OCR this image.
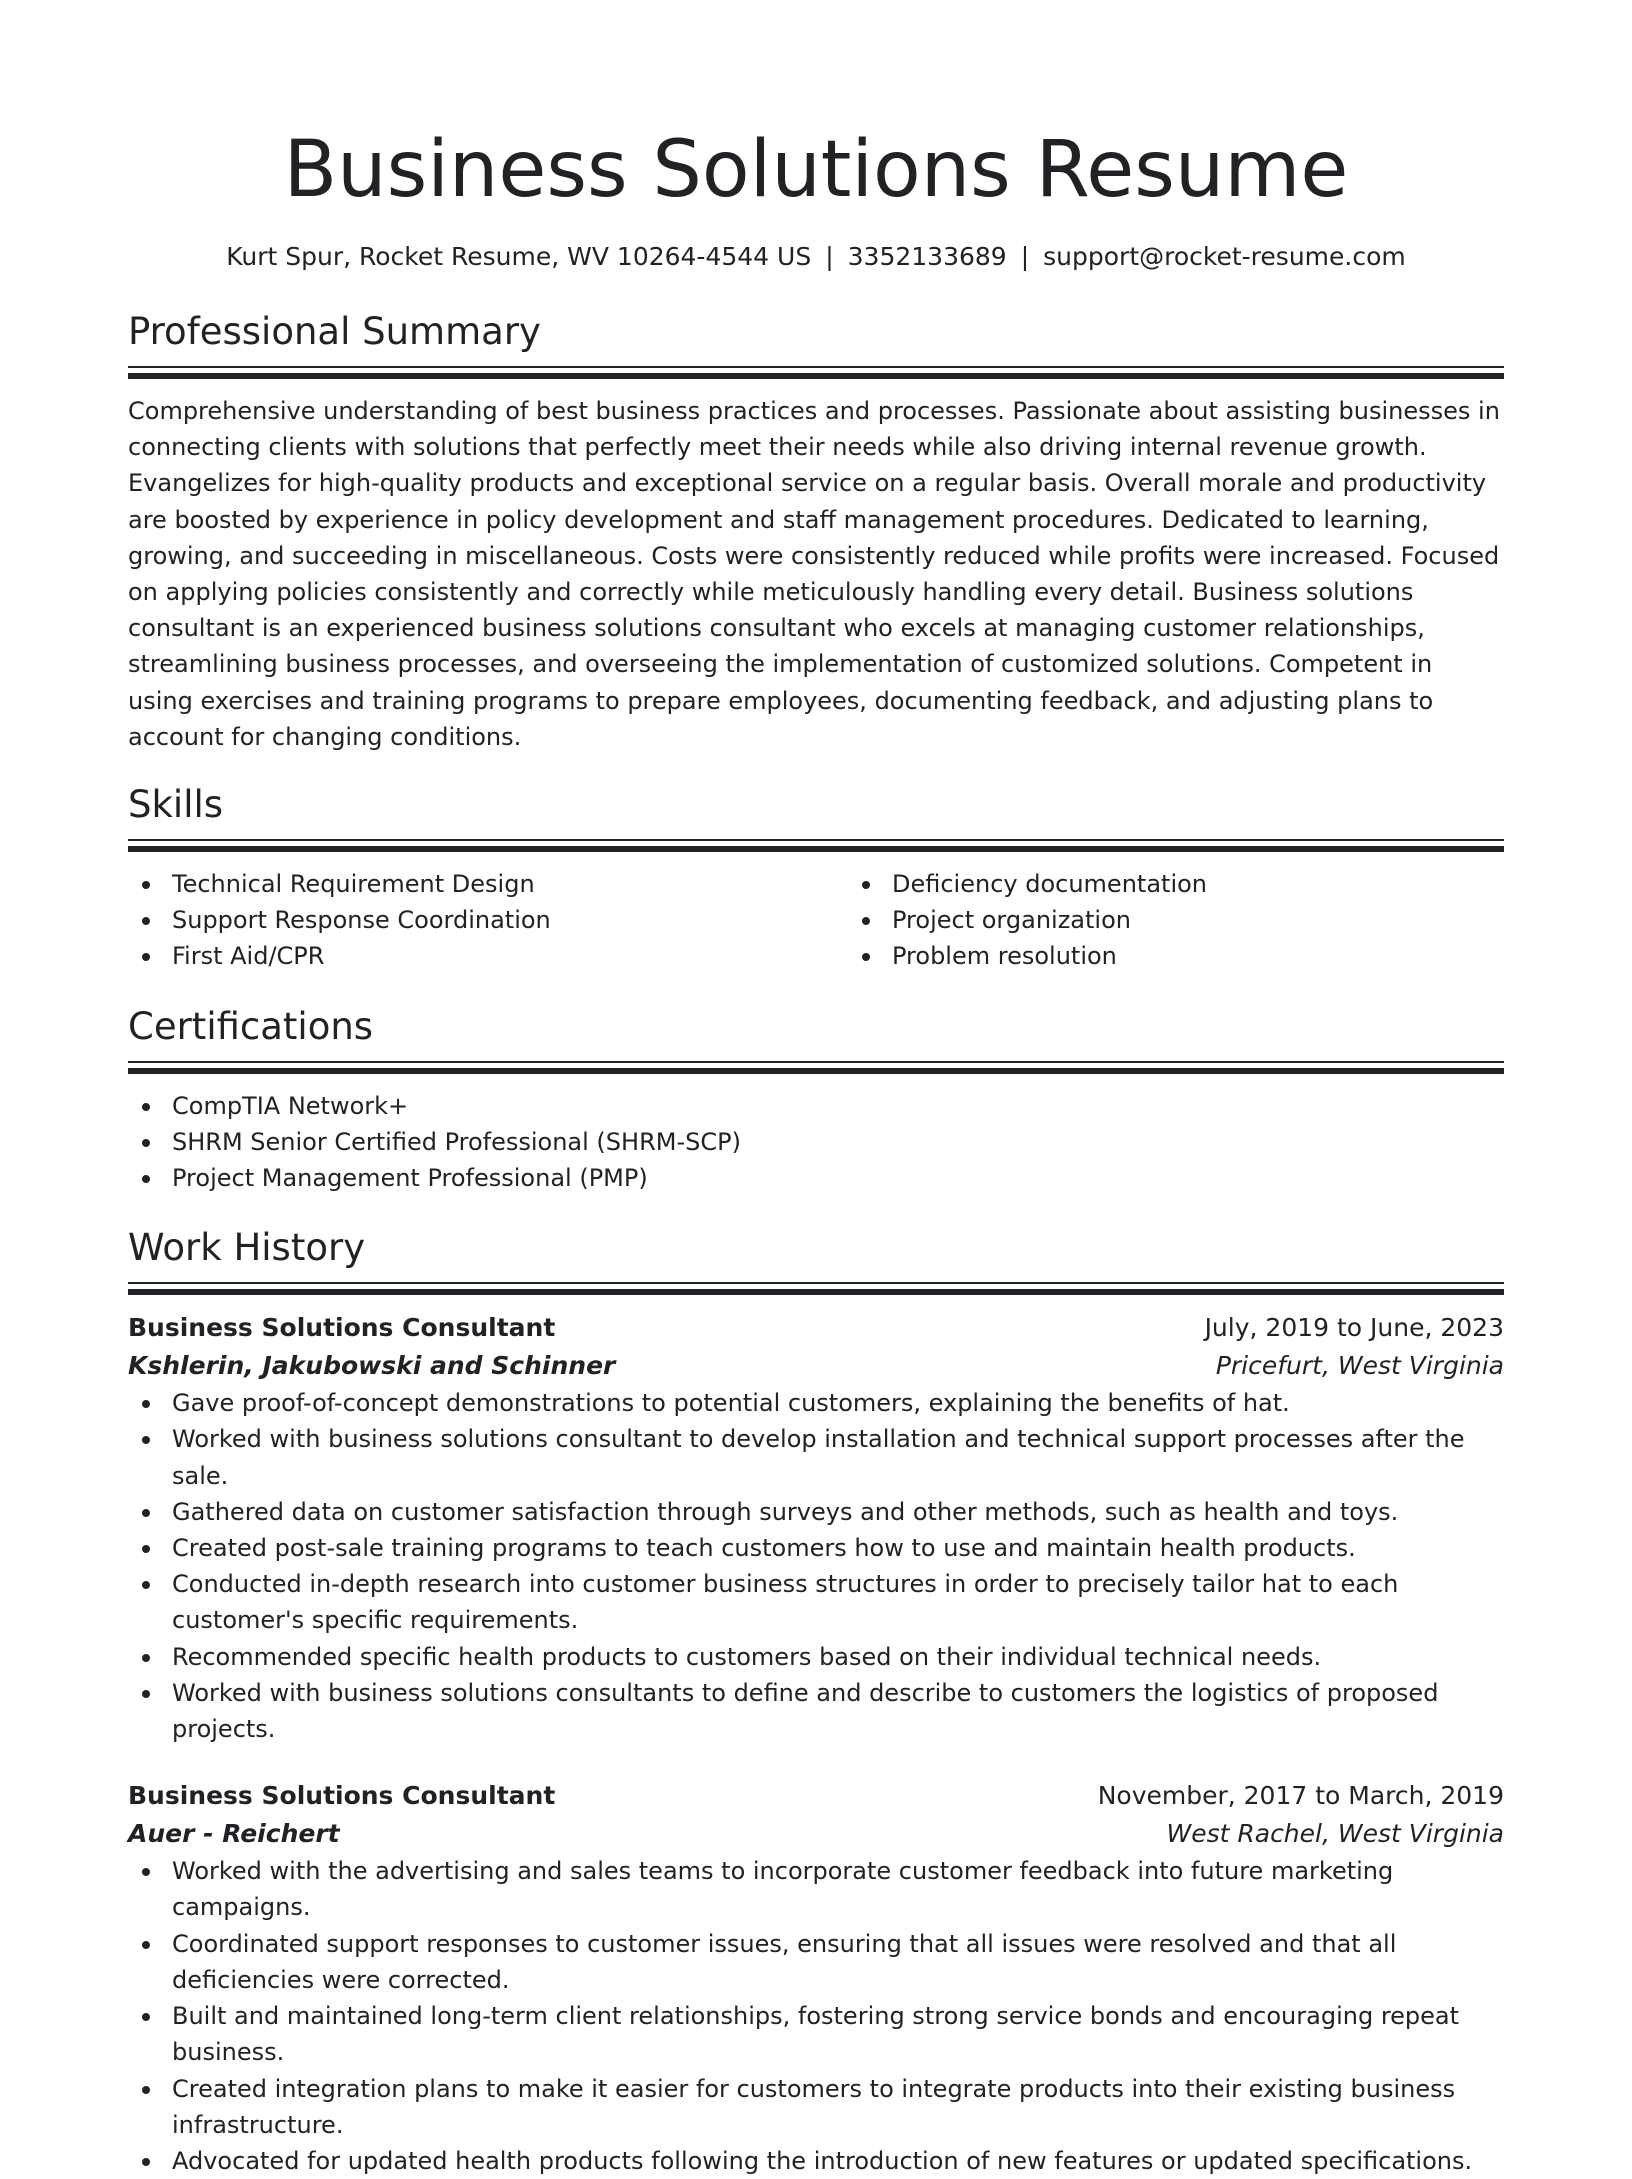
Business Solutions Resume
Kurt Spur, Rocket Resume, WV 10264-4544 US | 3352133689 | support@rocket-resume.com
Professional Summary

Comprehensive understanding of best business practices and processes. Passionate about assisting businesses in connecting clients with solutions that perfectly meet their needs while also driving internal revenue growth. Evangelizes for high-quality products and exceptional service on a regular basis. Overall morale and productivity are boosted by experience in policy development and staff management procedures. Dedicated to learning, growing, and succeeding in miscellaneous. Costs were consistently reduced while profits were increased. Focused on applying policies consistently and correctly while meticulously handling every detail. Business solutions consultant is an experienced business solutions consultant who excels at managing customer relationships, streamlining business processes, and overseeing the implementation of customized solutions. Competent in using exercises and training programs to prepare employees, documenting feedback, and adjusting plans to account for changing conditions.

Skills
Technical Requirement Design
Support Response Coordination
First Aid/CPR
Deficiency documentation
Project organization
Problem resolution
Certifications
CompTIA Network+
SHRM Senior Certified Professional (SHRM-SCP)
Project Management Professional (PMP)
Work History
Business Solutions Consultant	July, 2019 to June, 2023
Kshlerin, Jakubowski and Schinner	Pricefurt, West Virginia
Gave proof-of-concept demonstrations to potential customers, explaining the benefits of hat.
Worked with business solutions consultant to develop installation and technical support processes after the sale.
Gathered data on customer satisfaction through surveys and other methods, such as health and toys.
Created post-sale training programs to teach customers how to use and maintain health products.
Conducted in-depth research into customer business structures in order to precisely tailor hat to each customer's specific requirements.
Recommended specific health products to customers based on their individual technical needs.
Worked with business solutions consultants to define and describe to customers the logistics of proposed projects.
Business Solutions Consultant	November, 2017 to March, 2019
Auer - Reichert	West Rachel, West Virginia
Worked with the advertising and sales teams to incorporate customer feedback into future marketing campaigns.
Coordinated support responses to customer issues, ensuring that all issues were resolved and that all deficiencies were corrected.
Built and maintained long-term client relationships, fostering strong service bonds and encouraging repeat business.
Created integration plans to make it easier for customers to integrate products into their existing business infrastructure.
Advocated for updated health products following the introduction of new features or updated specifications.
